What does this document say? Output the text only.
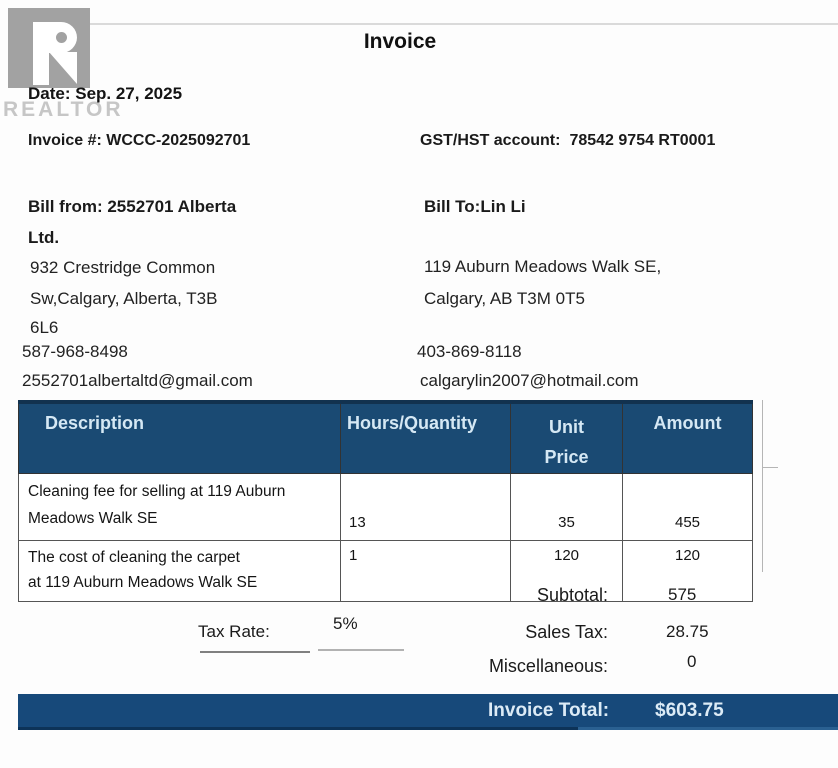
REALTOR
Invoice
Date: Sep. 27, 2025
Invoice #: WCCC-2025092701	GST/HST account: 78542 9754 RT0001
Bill from: 2552701 Alberta
Ltd.
Bill To:Lin Li
932 Crestridge Common
Sw,Calgary, Alberta, T3B
6L6
587-968-8498
2552701albertaltd@gmail.com
119 Auburn Meadows Walk SE,
Calgary, AB T3M 0T5
403-869-8118
calgarylin2007@hotmail.com
Description	Hours/Quantity	Unit Price	Amount

Cleaning fee for selling at 119 Auburn
Meadows Walk SE	13	35	455

The cost of cleaning the carpet
at 119 Auburn Meadows Walk SE	1	120	120
Subtotal:	575
Tax Rate:	5%	Sales Tax:	28.75
Miscellaneous:	0
Invoice Total: $603.75
